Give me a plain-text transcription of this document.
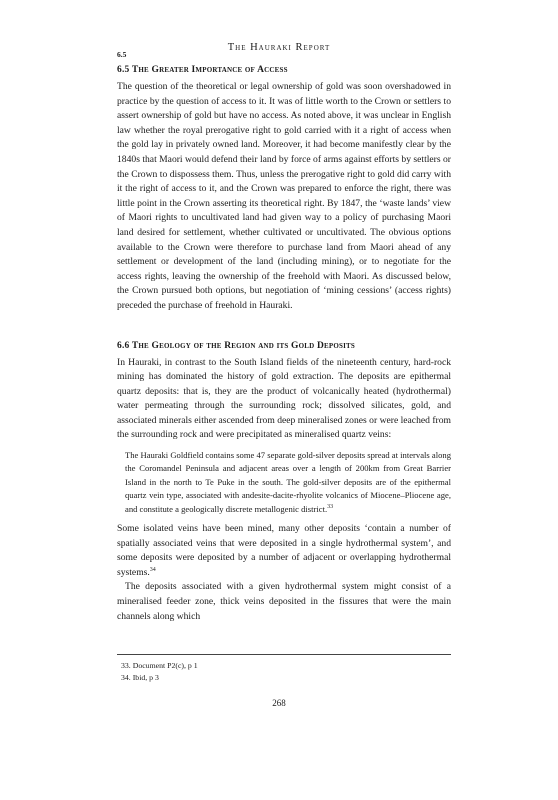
The Hauraki Report
6.5
6.5 The Greater Importance of Access

The question of the theoretical or legal ownership of gold was soon overshadowed in practice by the question of access to it. It was of little worth to the Crown or settlers to assert ownership of gold but have no access. As noted above, it was unclear in English law whether the royal prerogative right to gold carried with it a right of access when the gold lay in privately owned land. Moreover, it had become manifestly clear by the 1840s that Maori would defend their land by force of arms against efforts by settlers or the Crown to dispossess them. Thus, unless the prerogative right to gold did carry with it the right of access to it, and the Crown was prepared to enforce the right, there was little point in the Crown asserting its theoretical right. By 1847, the ‘waste lands’ view of Maori rights to uncultivated land had given way to a policy of purchasing Maori land desired for settlement, whether cultivated or uncultivated. The obvious options available to the Crown were therefore to purchase land from Maori ahead of any settlement or development of the land (including mining), or to negotiate for the access rights, leaving the ownership of the freehold with Maori. As discussed below, the Crown pursued both options, but negotiation of ‘mining cessions’ (access rights) preceded the purchase of freehold in Hauraki.

6.6 The Geology of the Region and its Gold Deposits

In Hauraki, in contrast to the South Island fields of the nineteenth century, hard-rock mining has dominated the history of gold extraction. The deposits are epithermal quartz deposits: that is, they are the product of volcanically heated (hydrothermal) water permeating through the surrounding rock; dissolved silicates, gold, and associated minerals either ascended from deep mineralised zones or were leached from the surrounding rock and were precipitated as mineralised quartz veins:

The Hauraki Goldfield contains some 47 separate gold-silver deposits spread at intervals along the Coromandel Peninsula and adjacent areas over a length of 200km from Great Barrier Island in the north to Te Puke in the south. The gold-silver deposits are of the epithermal quartz vein type, associated with andesite-dacite-rhyolite volcanics of Miocene–Pliocene age, and constitute a geologically discrete metallogenic district.$^{33}$

Some isolated veins have been mined, many other deposits ‘contain a number of spatially associated veins that were deposited in a single hydrothermal system’, and some deposits were deposited by a number of adjacent or overlapping hydrothermal systems.$^{34}$

The deposits associated with a given hydrothermal system might consist of a mineralised feeder zone, thick veins deposited in the fissures that were the main channels along which

33. Document P2(c), p 1
34. Ibid, p 3
268
